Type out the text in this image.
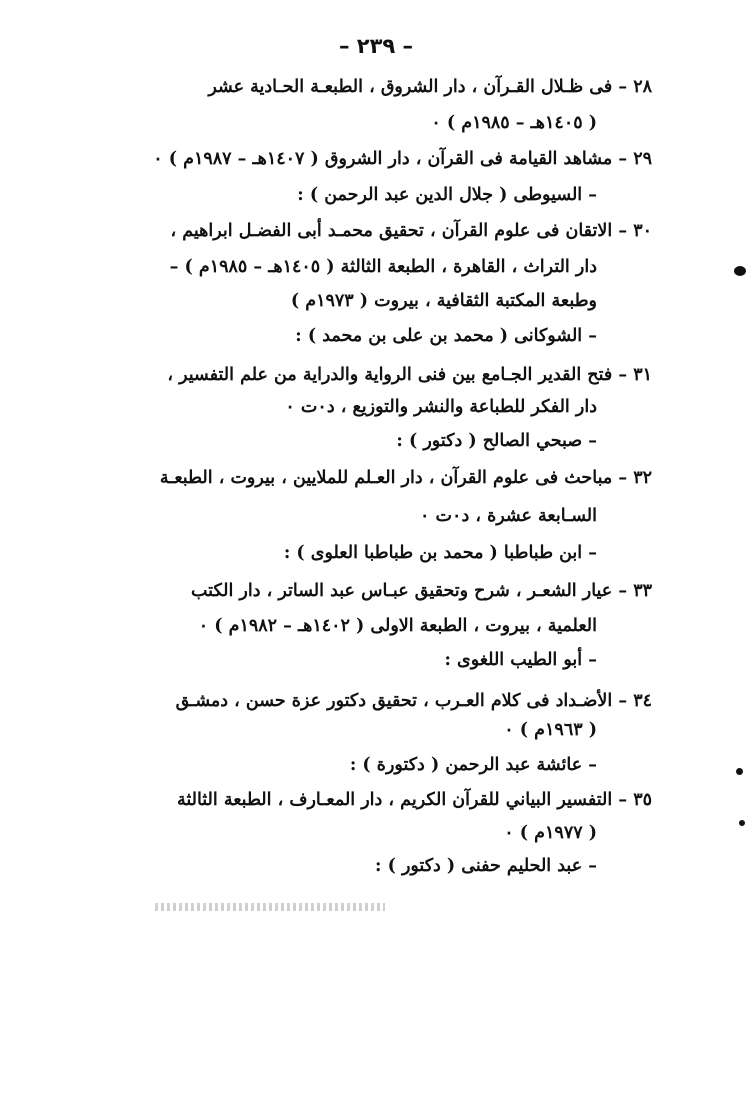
– ٢٣٩ –
٢٨ – فى ظـلال القـرآن ، دار الشروق ، الطبعـة الحـادية عشر
( ١٤٠٥هـ – ١٩٨٥م ) ٠
٢٩ – مشاهد القيامة فى القرآن ، دار الشروق ( ١٤٠٧هـ – ١٩٨٧م ) ٠
– السيوطى ( جلال الدين عبد الرحمن ) :
٣٠ – الاتقان فى علوم القرآن ، تحقيق محمـد أبى الفضـل ابراهيم ،
دار التراث ، القاهرة ، الطبعة الثالثة ( ١٤٠٥هـ – ١٩٨٥م ) –
وطبعة المكتبة الثقافية ، بيروت ( ١٩٧٣م )
– الشوكانى ( محمد بن على بن محمد ) :
٣١ – فتح القدير الجـامع بين فنى الرواية والدراية من علم التفسير ،
دار الفكر للطباعة والنشر والتوزيع ، د٠ت ٠
– صبحي الصالح ( دكتور ) :
٣٢ – مباحث فى علوم القرآن ، دار العـلم للملايين ، بيروت ، الطبعـة
السـابعة عشرة ، د٠ت ٠
– ابن طباطبا ( محمد بن طباطبا العلوى ) :
٣٣ – عيار الشعـر ، شرح وتحقيق عبـاس عبد الساتر ، دار الكتب
العلمية ، بيروت ، الطبعة الاولى ( ١٤٠٢هـ – ١٩٨٢م ) ٠
– أبو الطيب اللغوى :
٣٤ – الأضـداد فى كلام العـرب ، تحقيق دكتور عزة حسن ، دمشـق
( ١٩٦٣م ) ٠
– عائشة عبد الرحمن ( دكتورة ) :
٣٥ – التفسير البياني للقرآن الكريم ، دار المعـارف ، الطبعة الثالثة
( ١٩٧٧م ) ٠
– عبد الحليم حفنى ( دكتور ) :
